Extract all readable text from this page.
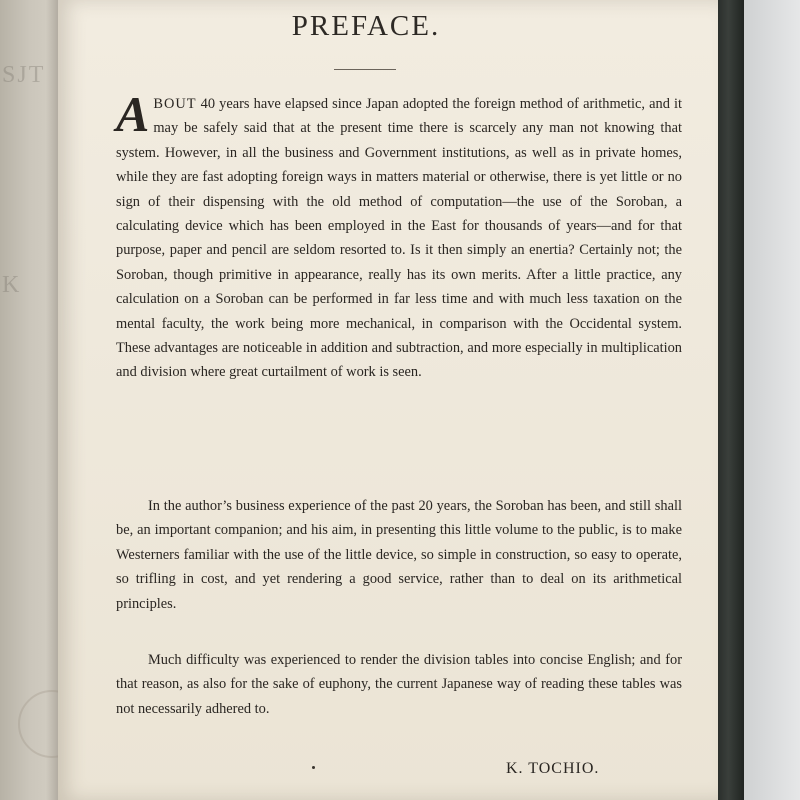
SJT
K
PREFACE.
ABOUT 40 years have elapsed since Japan adopted the foreign method of arithmetic, and it may be safely said that at the present time there is scarcely any man not knowing that system. However, in all the business and Government institutions, as well as in private homes, while they are fast adopting foreign ways in matters material or otherwise, there is yet little or no sign of their dispensing with the old method of computation—the use of the Soroban, a calculating device which has been employed in the East for thousands of years—and for that purpose, paper and pencil are seldom resorted to. Is it then simply an enertia? Certainly not; the Soroban, though primitive in appearance, really has its own merits. After a little practice, any calculation on a Soroban can be performed in far less time and with much less taxation on the mental faculty, the work being more mechanical, in comparison with the Occidental system. These advantages are noticeable in addition and subtraction, and more especially in multiplication and division where great curtailment of work is seen.
In the author’s business experience of the past 20 years, the Soroban has been, and still shall be, an important companion; and his aim, in presenting this little volume to the public, is to make Westerners familiar with the use of the little device, so simple in construction, so easy to operate, so trifling in cost, and yet rendering a good service, rather than to deal on its arithmetical principles.
Much difficulty was experienced to render the division tables into concise English; and for that reason, as also for the sake of euphony, the current Japanese way of reading these tables was not necessarily adhered to.
K. TOCHIO.
